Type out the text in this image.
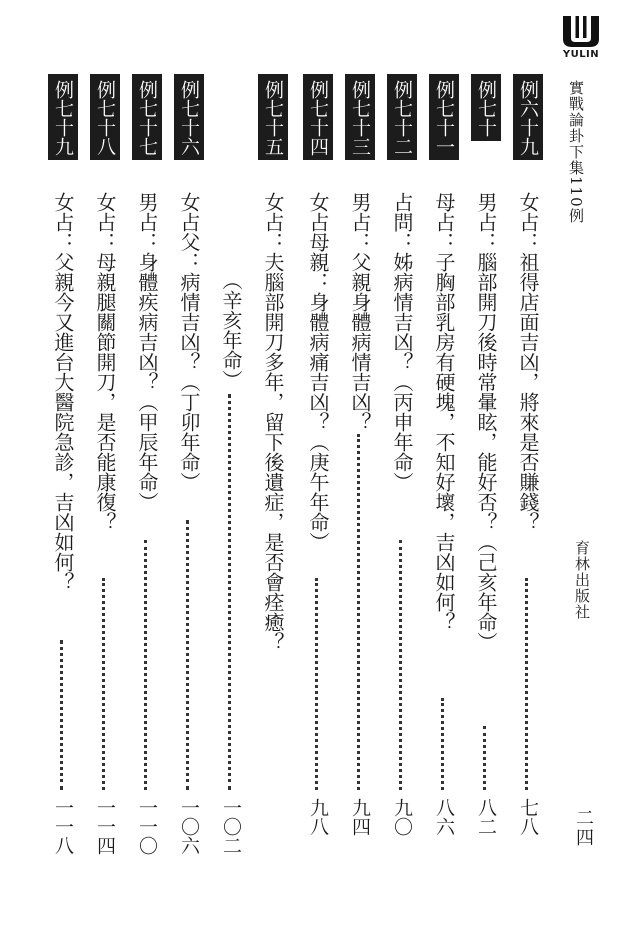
YULIN
實戰論卦下集110例
育林出版社
二四
例六十九
女占：祖得店面吉凶，將來是否賺錢？
七八
例七十
男占：腦部開刀後時常暈眩，能好否？（己亥年命）
八二
例七十一
母占：子胸部乳房有硬塊，不知好壞，吉凶如何？
八六
例七十二
占問：姊病情吉凶？（丙申年命）
九〇
例七十三
男占：父親身體病情吉凶？
九四
例七十四
女占母親：身體病痛吉凶？（庚午年命）
九八
例七十五
女占：夫腦部開刀多年，留下後遺症，是否會痊癒？
（辛亥年命）
一〇二
例七十六
女占父：病情吉凶？（丁卯年命）
一〇六
例七十七
男占：身體疾病吉凶？（甲辰年命）
一一〇
例七十八
女占：母親腿關節開刀，是否能康復？
一一四
例七十九
女占：父親今又進台大醫院急診，吉凶如何？
一一八
